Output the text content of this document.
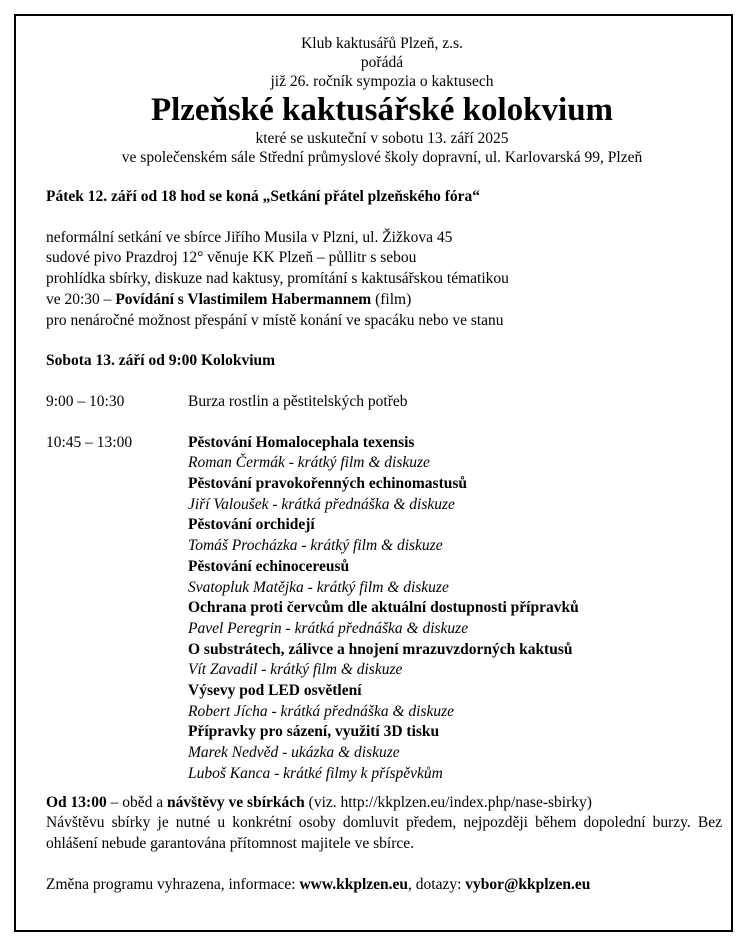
Klub kaktusářů Plzeň, z.s.
pořádá
již 26. ročník sympozia o kaktusech
Plzeňské kaktusářské kolokvium
které se uskuteční v sobotu 13. září 2025
ve společenském sále Střední průmyslové školy dopravní, ul. Karlovarská 99, Plzeň
Pátek 12. září od 18 hod se koná „Setkání přátel plzeňského fóra“
neformální setkání ve sbírce Jiřího Musila v Plzni, ul. Žižkova 45
sudové pivo Prazdroj 12° věnuje KK Plzeň – půllitr s sebou
prohlídka sbírky, diskuze nad kaktusy, promítání s kaktusářskou tématikou
ve 20:30 – Povídání s Vlastimilem Habermannem (film)
pro nenáročné možnost přespání v místě konání ve spacáku nebo ve stanu
Sobota 13. září od 9:00 Kolokvium
9:00 – 10:30	Burza rostlin a pěstitelských potřeb
10:45 – 13:00	Pěstování Homalocephala texensis
Roman Čermák - krátký film & diskuze
Pěstování pravokořenných echinomastusů
Jiří Valoušek - krátká přednáška & diskuze
Pěstování orchidejí
Tomáš Procházka - krátký film & diskuze
Pěstování echinocereusů
Svatopluk Matějka - krátký film & diskuze
Ochrana proti červcům dle aktuální dostupnosti přípravků
Pavel Peregrin - krátká přednáška & diskuze
O substrátech, zálivce a hnojení mrazuvzdorných kaktusů
Vít Zavadil - krátký film & diskuze
Výsevy pod LED osvětlení
Robert Jícha - krátká přednáška & diskuze
Přípravky pro sázení, využití 3D tisku
Marek Nedvěd - ukázka & diskuze
Luboš Kanca - krátké filmy k příspěvkům
Od 13:00 – oběd a návštěvy ve sbírkách (viz. http://kkplzen.eu/index.php/nase-sbirky)
Návštěvu sbírky je nutné u konkrétní osoby domluvit předem, nejpozději během dopolední burzy. Bez ohlášení nebude garantována přítomnost majitele ve sbírce.
Změna programu vyhrazena, informace: www.kkplzen.eu, dotazy: vybor@kkplzen.eu
